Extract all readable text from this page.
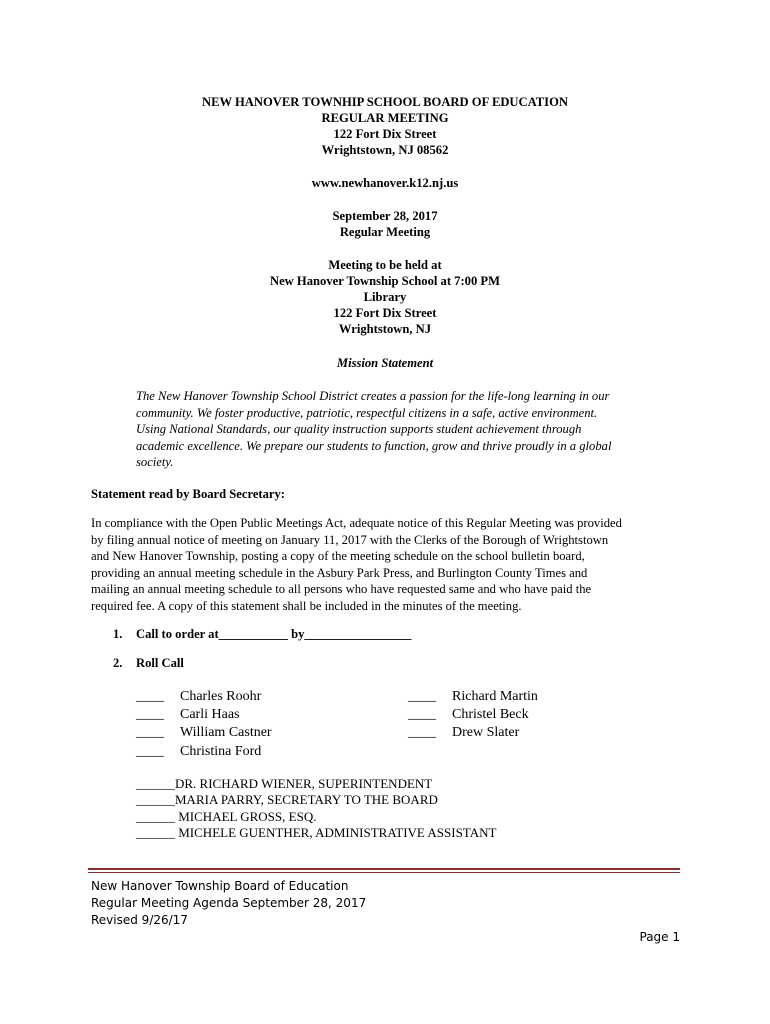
NEW HANOVER TOWNHIP SCHOOL BOARD OF EDUCATION
REGULAR MEETING
122 Fort Dix Street
Wrightstown, NJ 08562
www.newhanover.k12.nj.us
September 28, 2017
Regular Meeting
Meeting to be held at
New Hanover Township School at 7:00 PM
Library
122 Fort Dix Street
Wrightstown, NJ
Mission Statement
The New Hanover Township School District creates a passion for the life-long learning in our
community. We foster productive, patriotic, respectful citizens in a safe, active environment.
Using National Standards, our quality instruction supports student achievement through
academic excellence. We prepare our students to function, grow and thrive proudly in a global
society.
Statement read by Board Secretary:
In compliance with the Open Public Meetings Act, adequate notice of this Regular Meeting was provided
by filing annual notice of meeting on January 11, 2017 with the Clerks of the Borough of Wrightstown
and New Hanover Township, posting a copy of the meeting schedule on the school bulletin board,
providing an annual meeting schedule in the Asbury Park Press, and Burlington County Times and
mailing an annual meeting schedule to all persons who have requested same and who have paid the
required fee. A copy of this statement shall be included in the minutes of the meeting.
1. Call to order at___________ by_________________
2. Roll Call
____ Charles Roohr
____ Carli Haas
____ William Castner
____ Christina Ford
____ Richard Martin
____ Christel Beck
____ Drew Slater
______DR. RICHARD WIENER, SUPERINTENDENT
______MARIA PARRY, SECRETARY TO THE BOARD
______ MICHAEL GROSS, ESQ.
______ MICHELE GUENTHER, ADMINISTRATIVE ASSISTANT
New Hanover Township Board of Education
Regular Meeting Agenda September 28, 2017
Revised 9/26/17
Page 1
